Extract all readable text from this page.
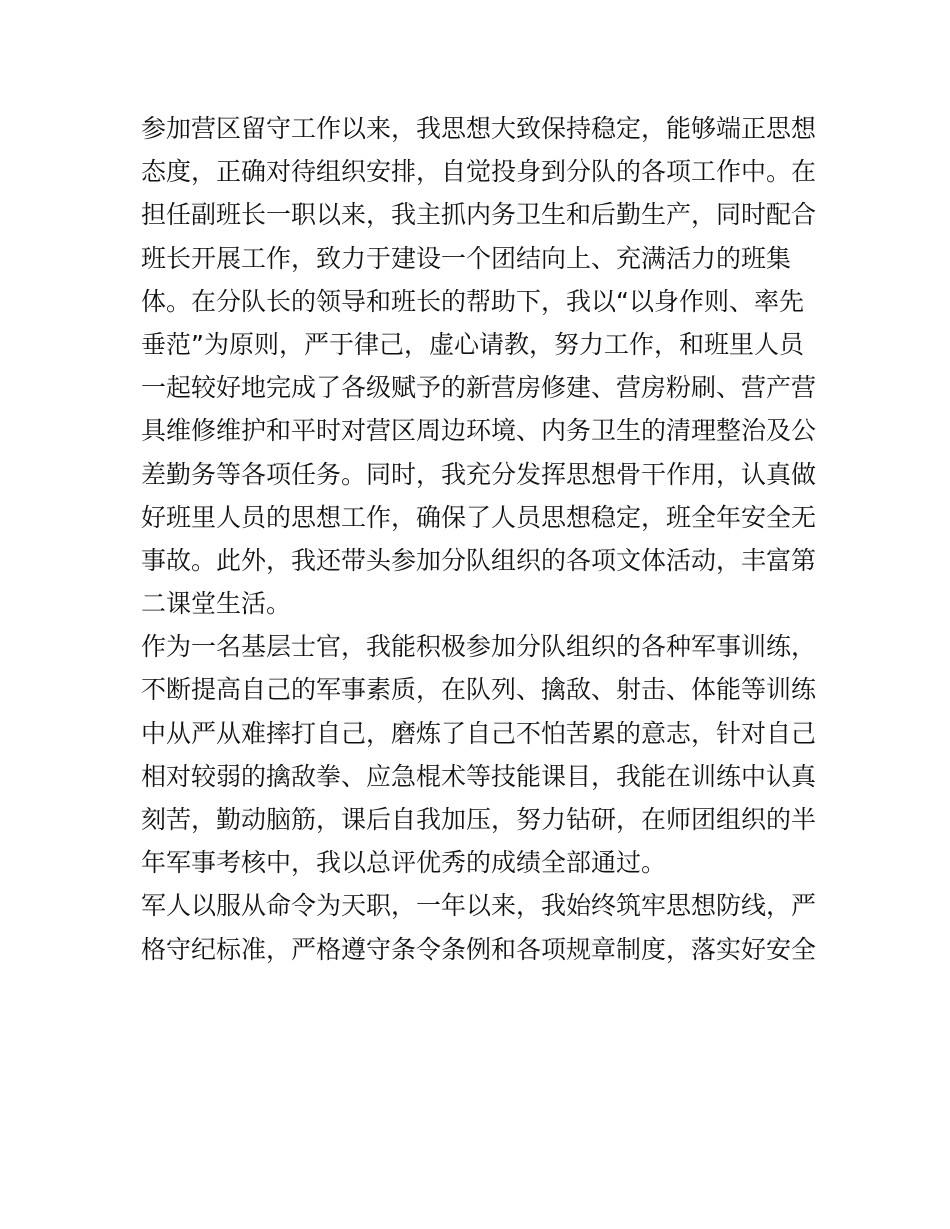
参加营区留守工作以来，我思想大致保持稳定，能够端正思想
态度，正确对待组织安排，自觉投身到分队的各项工作中。在
担任副班长一职以来，我主抓内务卫生和后勤生产，同时配合
班长开展工作，致力于建设一个团结向上、充满活力的班集
体。在分队长的领导和班长的帮助下，我以“以身作则、率先
垂范”为原则，严于律己，虚心请教，努力工作，和班里人员
一起较好地完成了各级赋予的新营房修建、营房粉刷、营产营
具维修维护和平时对营区周边环境、内务卫生的清理整治及公
差勤务等各项任务。同时，我充分发挥思想骨干作用，认真做
好班里人员的思想工作，确保了人员思想稳定，班全年安全无
事故。此外，我还带头参加分队组织的各项文体活动，丰富第
二课堂生活。
作为一名基层士官，我能积极参加分队组织的各种军事训练，
不断提高自己的军事素质，在队列、擒敌、射击、体能等训练
中从严从难摔打自己，磨炼了自己不怕苦累的意志，针对自己
相对较弱的擒敌拳、应急棍术等技能课目，我能在训练中认真
刻苦，勤动脑筋，课后自我加压，努力钻研，在师团组织的半
年军事考核中，我以总评优秀的成绩全部通过。
军人以服从命令为天职，一年以来，我始终筑牢思想防线，严
格守纪标准，严格遵守条令条例和各项规章制度，落实好安全
